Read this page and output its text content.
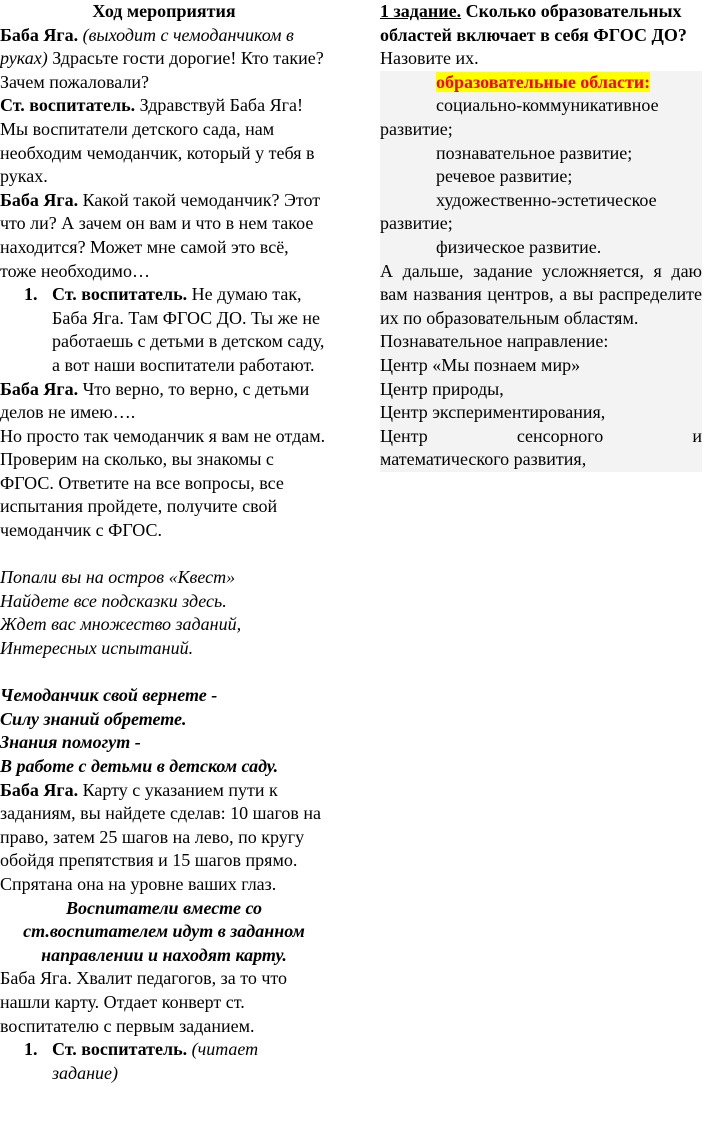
Ход мероприятия

Баба Яга. (выходит с чемоданчиком в руках) Здрасьте гости дорогие! Кто такие? Зачем пожаловали?

Ст. воспитатель. Здравствуй Баба Яга! Мы воспитатели детского сада, нам необходим чемоданчик, который у тебя в руках.

Баба Яга. Какой такой чемоданчик? Этот что ли? А зачем он вам и что в нем такое находится? Может мне самой это всё, тоже необходимо…

1. Ст. воспитатель. Не думаю так, Баба Яга. Там ФГОС ДО. Ты же не работаешь с детьми в детском саду, а вот наши воспитатели работают.

Баба Яга. Что верно, то верно, с детьми делов не имею….

Но просто так чемоданчик я вам не отдам. Проверим на сколько, вы знакомы с ФГОС. Ответите на все вопросы, все испытания пройдете, получите свой чемоданчик с ФГОС.

Попали вы на остров «Квест»

Найдете все подсказки здесь.

Ждет вас множество заданий,

Интересных испытаний.

Чемоданчик свой вернете -

Силу знаний обретете.

Знания помогут -

В работе с детьми в детском саду.

Баба Яга. Карту с указанием пути к заданиям, вы найдете сделав: 10 шагов на право, затем 25 шагов на лево, по кругу обойдя препятствия и 15 шагов прямо. Спрятана она на уровне ваших глаз.

Воспитатели вместе со ст.воспитателем идут в заданном направлении и находят карту.

Баба Яга. Хвалит педагогов, за то что нашли карту. Отдает конверт ст. воспитателю с первым заданием.

1. Ст. воспитатель. (читает задание)

1 задание. Сколько образовательных областей включает в себя ФГОС ДО?

Назовите их.

образовательные области:

социально-коммуникативное

развитие;

познавательное развитие;

речевое развитие;

художественно-эстетическое

развитие;

физическое развитие.

А дальше, задание усложняется, я даю вам названия центров, а вы распределите их по образовательным областям.

Познавательное направление:

Центр «Мы познаем мир»

Центр природы,

Центр экспериментирования,

Центр	сенсорного	и

математического развития,
